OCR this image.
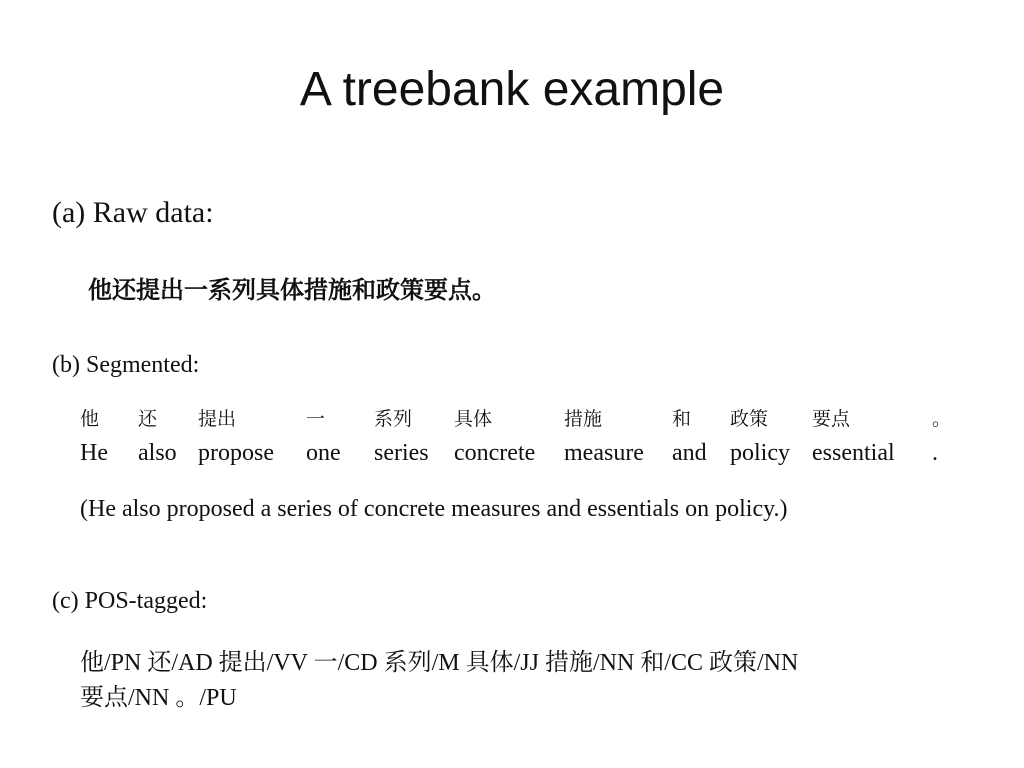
A treebank example
(a) Raw data:
他还提出一系列具体措施和政策要点。
(b) Segmented:
他 还 提出	一	系列 具体	措施	和 政策 要点	。
He also propose one series concrete measure and policy essential .
(He also proposed a series of concrete measures and essentials on policy.)
(c) POS-tagged:
他/PN 还/AD 提出/VV 一/CD 系列/M 具体/JJ 措施/NN 和/CC 政策/NN
要点/NN 。/PU
